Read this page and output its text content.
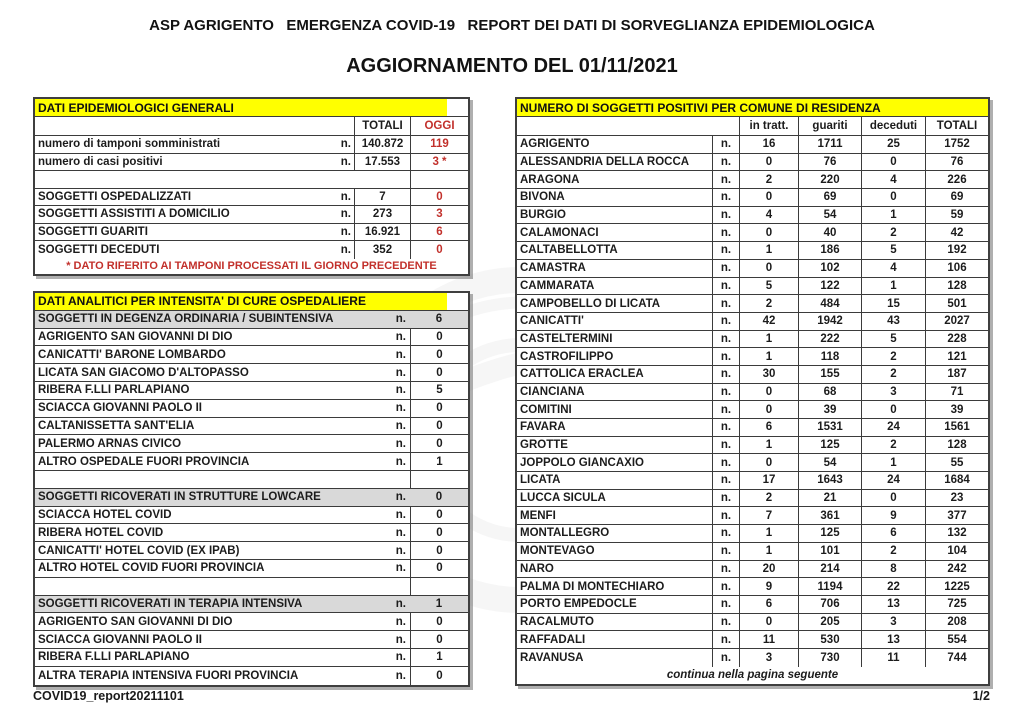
ASP AGRIGENTO   EMERGENZA COVID-19   REPORT DEI DATI DI SORVEGLIANZA EPIDEMIOLOGICA
AGGIORNAMENTO DEL 01/11/2021
DATI EPIDEMIOLOGICI GENERALI
TOTALI	OGGI
numero di tamponi somministrati	n. 140.872	119
numero di casi positivi	n.	17.553	3 *
SOGGETTI OSPEDALIZZATI	n.	7	0
SOGGETTI ASSISTITI A DOMICILIO	n.	273	3
SOGGETTI GUARITI	n.	16.921	6
SOGGETTI DECEDUTI	n.	352	0
* DATO RIFERITO AI TAMPONI PROCESSATI IL GIORNO PRECEDENTE
DATI ANALITICI PER INTENSITA' DI CURE OSPEDALIERE
SOGGETTI IN DEGENZA ORDINARIA / SUBINTENSIVA	n.	6
AGRIGENTO SAN GIOVANNI DI DIO	n.	0
CANICATTI' BARONE LOMBARDO	n.	0
LICATA SAN GIACOMO D'ALTOPASSO	n.	0
RIBERA F.LLI PARLAPIANO	n.	5
SCIACCA GIOVANNI PAOLO II	n.	0
CALTANISSETTA SANT'ELIA	n.	0
PALERMO ARNAS CIVICO	n.	0
ALTRO OSPEDALE FUORI PROVINCIA	n.	1
SOGGETTI RICOVERATI IN STRUTTURE LOWCARE	n.	0
SCIACCA HOTEL COVID	n.	0
RIBERA HOTEL COVID	n.	0
CANICATTI' HOTEL COVID (EX IPAB)	n.	0
ALTRO HOTEL COVID FUORI PROVINCIA	n.	0
SOGGETTI RICOVERATI IN TERAPIA INTENSIVA	n.	1
AGRIGENTO SAN GIOVANNI DI DIO	n.	0
SCIACCA GIOVANNI PAOLO II	n.	0
RIBERA F.LLI PARLAPIANO	n.	1
ALTRA TERAPIA INTENSIVA FUORI PROVINCIA	n.	0
NUMERO DI SOGGETTI POSITIVI PER COMUNE DI RESIDENZA
in tratt.	guariti	deceduti	TOTALI
AGRIGENTO	n.	16	1711	25	1752
ALESSANDRIA DELLA ROCCA	n.	0	76	0	76
ARAGONA	n.	2	220	4	226
BIVONA	n.	0	69	0	69
BURGIO	n.	4	54	1	59
CALAMONACI	n.	0	40	2	42
CALTABELLOTTA	n.	1	186	5	192
CAMASTRA	n.	0	102	4	106
CAMMARATA	n.	5	122	1	128
CAMPOBELLO DI LICATA	n.	2	484	15	501
CANICATTI'	n.	42	1942	43	2027
CASTELTERMINI	n.	1	222	5	228
CASTROFILIPPO	n.	1	118	2	121
CATTOLICA ERACLEA	n.	30	155	2	187
CIANCIANA	n.	0	68	3	71
COMITINI	n.	0	39	0	39
FAVARA	n.	6	1531	24	1561
GROTTE	n.	1	125	2	128
JOPPOLO GIANCAXIO	n.	0	54	1	55
LICATA	n.	17	1643	24	1684
LUCCA SICULA	n.	2	21	0	23
MENFI	n.	7	361	9	377
MONTALLEGRO	n.	1	125	6	132
MONTEVAGO	n.	1	101	2	104
NARO	n.	20	214	8	242
PALMA DI MONTECHIARO	n.	9	1194	22	1225
PORTO EMPEDOCLE	n.	6	706	13	725
RACALMUTO	n.	0	205	3	208
RAFFADALI	n.	11	530	13	554
RAVANUSA	n.	3	730	11	744
continua nella pagina seguente
COVID19_report20211101	1/2
